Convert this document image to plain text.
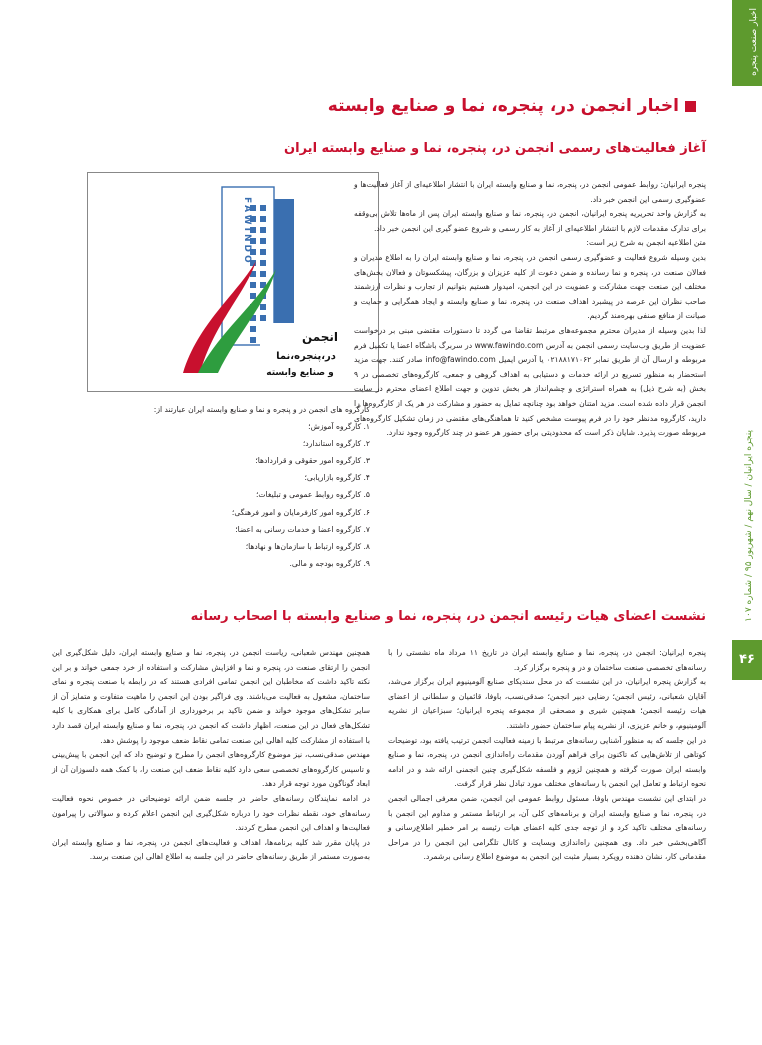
اخبار صنعت پنجره
پنجره ایرانیان / سال نهم / شهریور ۹۵ / شماره ۱۰۷
۴۶
اخبار انجمن در، پنجره، نما و صنایع وابسته
آغاز فعالیت‌های رسمی انجمن در، پنجره، نما و صنایع وابسته ایران
FAWINDO
انجمن
در،پنجره،نما
و صنایع وابسته
پنجره ایرانیان: روابط عمومی انجمن در، پنجره، نما و صنایع وابسته ایران با انتشار اطلاعیه‌ای از آغاز فعالیت‌ها و عضوگیری رسمی این انجمن خبر داد.
به گزارش واحد تحریریه پنجره ایرانیان، انجمن در، پنجره، نما و صنایع وابسته ایران پس از ماه‌ها تلاش بی‌وقفه برای تدارک مقدمات لازم با انتشار اطلاعیه‌ای از آغاز به کار رسمی و شروع عضو گیری این انجمن خبر داد.
متن اطلاعیه انجمن به شرح زیر است:
بدین وسیله شروع فعالیت و عضوگیری رسمی انجمن در، پنجره، نما و صنایع وابسته ایران را به اطلاع مدیران و فعالان صنعت در، پنجره و نما رسانده و ضمن دعوت از کلیه عزیزان و بزرگان، پیشکسوتان و فعالان بخش‌های مختلف این صنعت جهت مشارکت و عضویت در این انجمن، امیدوار هستیم بتوانیم از تجارب و نظرات ارزشمند صاحب نظران این عرصه در پیشبرد اهداف صنعت در، پنجره، نما و صنایع وابسته و ایجاد همگرایی و حمایت و صیانت از منافع صنفی بهره‌مند گردیم.
لذا بدین وسیله از مدیران محترم مجموعه‌های مرتبط تقاضا می گردد تا دستورات مقتضی مبنی بر درخواست عضویت از طریق وب‌سایت رسمی انجمن به آدرس www.fawindo.com در سربرگ باشگاه اعضا یا تکمیل فرم مربوطه و ارسال آن از طریق نمابر ۰۲۱۸۸۱۷۱۰۶۲ یا آدرس ایمیل info@fawindo.com صادر کنند. جهت مزید استحضار به منظور تسریع در ارائه خدمات و دستیابی به اهداف گروهی و جمعی، کارگروه‌های تخصصی در ۹ بخش (به شرح ذیل) به همراه استراتژی و چشم‌انداز هر بخش تدوین و جهت اطلاع اعضای محترم در سایت انجمن قرار داده شده است. مزید امتنان خواهد بود چنانچه تمایل به حضور و مشارکت در هر یک از کارگروه‌ها را دارید، کارگروه مدنظر خود را در فرم پیوست مشخص کنید تا هماهنگی‌های مقتضی در زمان تشکیل کارگروه‌های مربوطه صورت پذیرد. شایان ذکر است که محدودیتی برای حضور هر عضو در چند کارگروه وجود ندارد.
کارگروه های انجمن در و پنجره و نما و صنایع وابسته ایران عبارتند از:
۱. کارگروه آموزش؛
۲. کارگروه استاندارد؛
۳. کارگروه امور حقوقی و قراردادها؛
۴. کارگروه بازاریابی؛
۵. کارگروه روابط عمومی و تبلیغات؛
۶. کارگروه امور کارفرمایان و امور فرهنگی؛
۷. کارگروه اعضا و خدمات رسانی به اعضا؛
۸. کارگروه ارتباط با سازمان‌ها و نهادها؛
۹. کارگروه بودجه و مالی.
نشست اعضای هیات رئیسه انجمن در، پنجره، نما و صنایع وابسته با اصحاب رسانه
پنجره ایرانیان: انجمن در، پنجره، نما و صنایع وابسته ایران در تاریخ ۱۱ مرداد ماه نشستی را با رسانه‌های تخصصی صنعت ساختمان و در و پنجره برگزار کرد.
به گزارش پنجره ایرانیان، در این نشست که در محل سندیکای صنایع آلومینیوم ایران برگزار می‌شد، آقایان شعبانی، رئیس انجمن؛ رضایی دبیر انجمن؛ صدقی‌نسب، باوفا، قائمیان و سلطانی از اعضای هیات رئیسه انجمن؛ همچنین شیری و مصحفی از مجموعه پنجره ایرانیان؛ سبزاعیان از نشریه آلومینیوم، و خانم عزیزی، از نشریه پیام ساختمان حضور داشتند.
در این جلسه که به منظور آشنایی رسانه‌های مرتبط با زمینه فعالیت انجمن ترتیب یافته بود، توضیحات کوتاهی از تلاش‌هایی که تاکنون برای فراهم آوردن مقدمات راه‌اندازی انجمن در، پنجره، نما و صنایع وابسته ایران صورت گرفته و همچنین لزوم و فلسفه شکل‌گیری چنین انجمنی ارائه شد و در ادامه نحوه ارتباط و تعامل این انجمن با رسانه‌های مختلف مورد تبادل نظر قرار گرفت.
در ابتدای این نشست مهندس باوفا، مسئول روابط عمومی این انجمن، ضمن معرفی اجمالی انجمن در، پنجره، نما و صنایع وابسته ایران و برنامه‌های کلی آن، بر ارتباط مستمر و مداوم این انجمن با رسانه‌های مختلف تاکید کرد و از توجه جدی کلیه اعضای هیات رئیسه بر امر خطیر اطلاع‌رسانی و آگاهی‌بخشی خبر داد. وی همچنین راه‌اندازی وبسایت و کانال تلگرامی این انجمن را در مراحل مقدماتی کار، نشان دهنده رویکرد بسیار مثبت این انجمن به موضوع اطلاع رسانی برشمرد.
همچنین مهندس شعبانی، ریاست انجمن در، پنجره، نما و صنایع وابسته ایران، دلیل شکل‌گیری این انجمن را ارتقای صنعت در، پنجره و نما و افزایش مشارکت و استفاده از خرد جمعی خواند و بر این نکته تاکید داشت که مخاطبان این انجمن تمامی افرادی هستند که در رابطه با صنعت پنجره و نمای ساختمان، مشغول به فعالیت می‌باشند. وی فراگیر بودن این انجمن را ماهیت متفاوت و متمایز آن از سایر تشکل‌های موجود خواند و ضمن تاکید بر برخورداری از آمادگی کامل برای همکاری با کلیه تشکل‌های فعال در این صنعت، اظهار داشت که انجمن در، پنجره، نما و صنایع وابسته ایران قصد دارد با استفاده از مشارکت کلیه اهالی این صنعت تمامی نقاط ضعف موجود را پوشش دهد.
مهندس صدقی‌نسب، نیز موضوع کارگروه‌های انجمن را مطرح و توضیح داد که این انجمن با پیش‌بینی و تاسیس کارگروه‌های تخصصی سعی دارد کلیه نقاط ضعف این صنعت را، با کمک همه دلسوزان آن از ابعاد گوناگون مورد توجه قرار دهد.
در ادامه نمایندگان رسانه‌های حاضر در جلسه ضمن ارائه توضیحاتی در خصوص نحوه فعالیت رسانه‌های خود، نقطه نظرات خود را درباره شکل‌گیری این انجمن اعلام کرده و سوالاتی را پیرامون فعالیت‌ها و اهداف این انجمن مطرح کردند.
در پایان مقرر شد کلیه برنامه‌ها، اهداف و فعالیت‌های انجمن در، پنجره، نما و صنایع وابسته ایران به‌صورت مستمر از طریق رسانه‌های حاضر در این جلسه به اطلاع اهالی این صنعت برسد.
